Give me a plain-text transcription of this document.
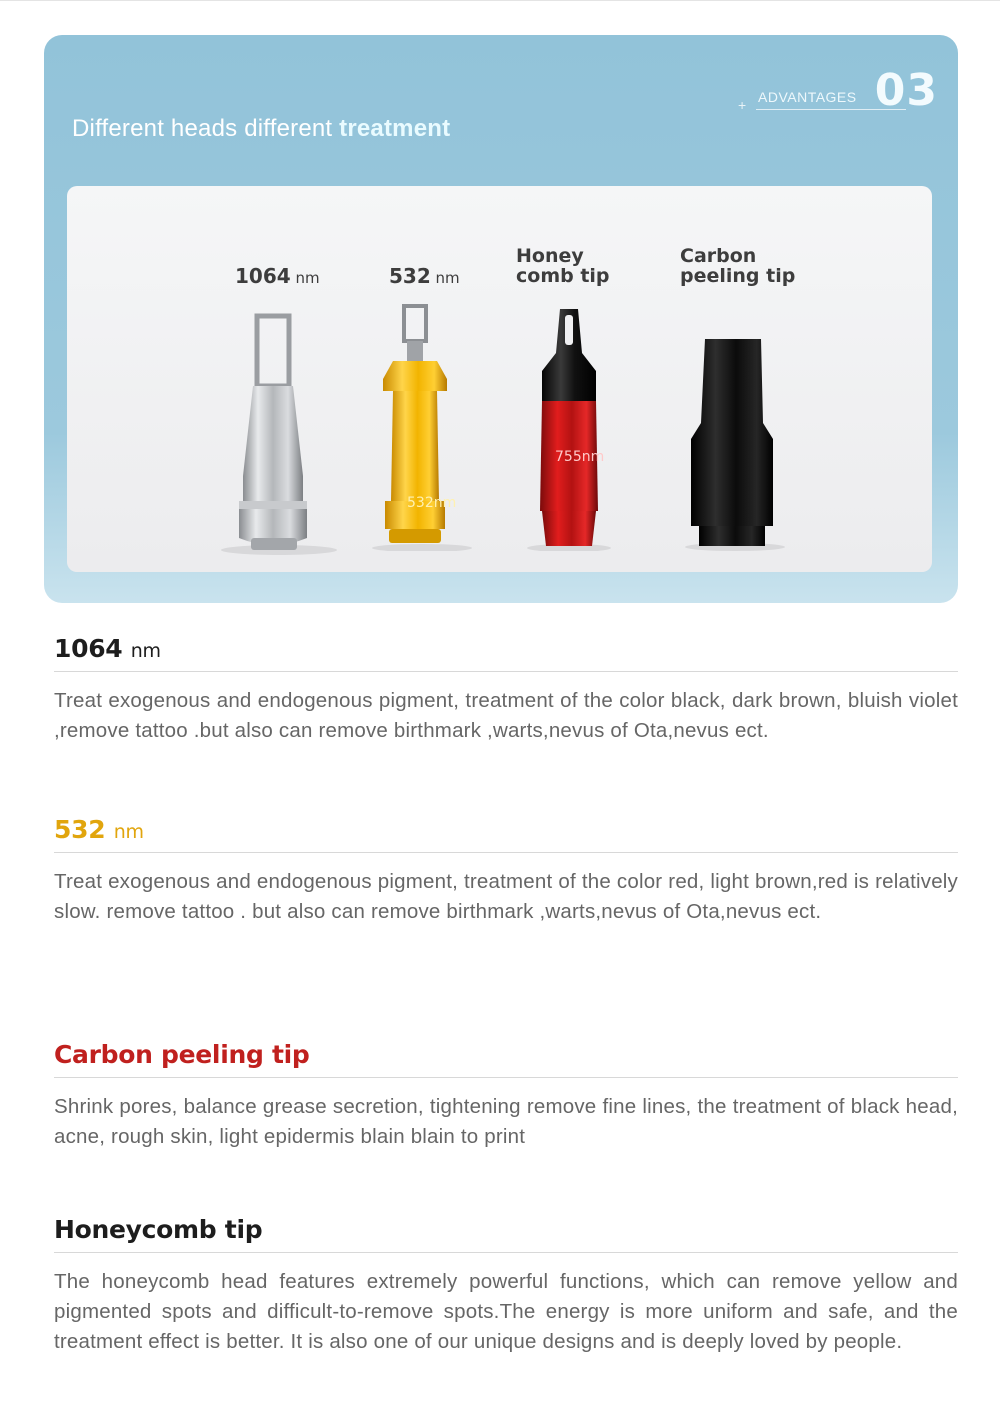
Different heads different treatment
+ ADVANTAGES 03
1064 nm	532 nm
Honey
comb tip
Carbon
peeling tip
532nm
755nm
1064 nm

Treat exogenous and endogenous pigment, treatment of the color black, dark brown, bluish violet ,remove tattoo .but also can remove birthmark ,warts,nevus of Ota,nevus ect.

532 nm

Treat exogenous and endogenous pigment, treatment of the color red, light brown,red is relatively slow. remove tattoo . but also can remove birthmark ,warts,nevus of Ota,nevus ect.

Carbon peeling tip

Shrink pores, balance grease secretion, tightening remove fine lines, the treatment of black head, acne, rough skin, light epidermis blain blain to print

Honeycomb tip

The honeycomb head features extremely powerful functions, which can remove yellow and pigmented spots and difficult-to-remove spots.The energy is more uniform and safe, and the treatment effect is better. It is also one of our unique designs and is deeply loved by people.
